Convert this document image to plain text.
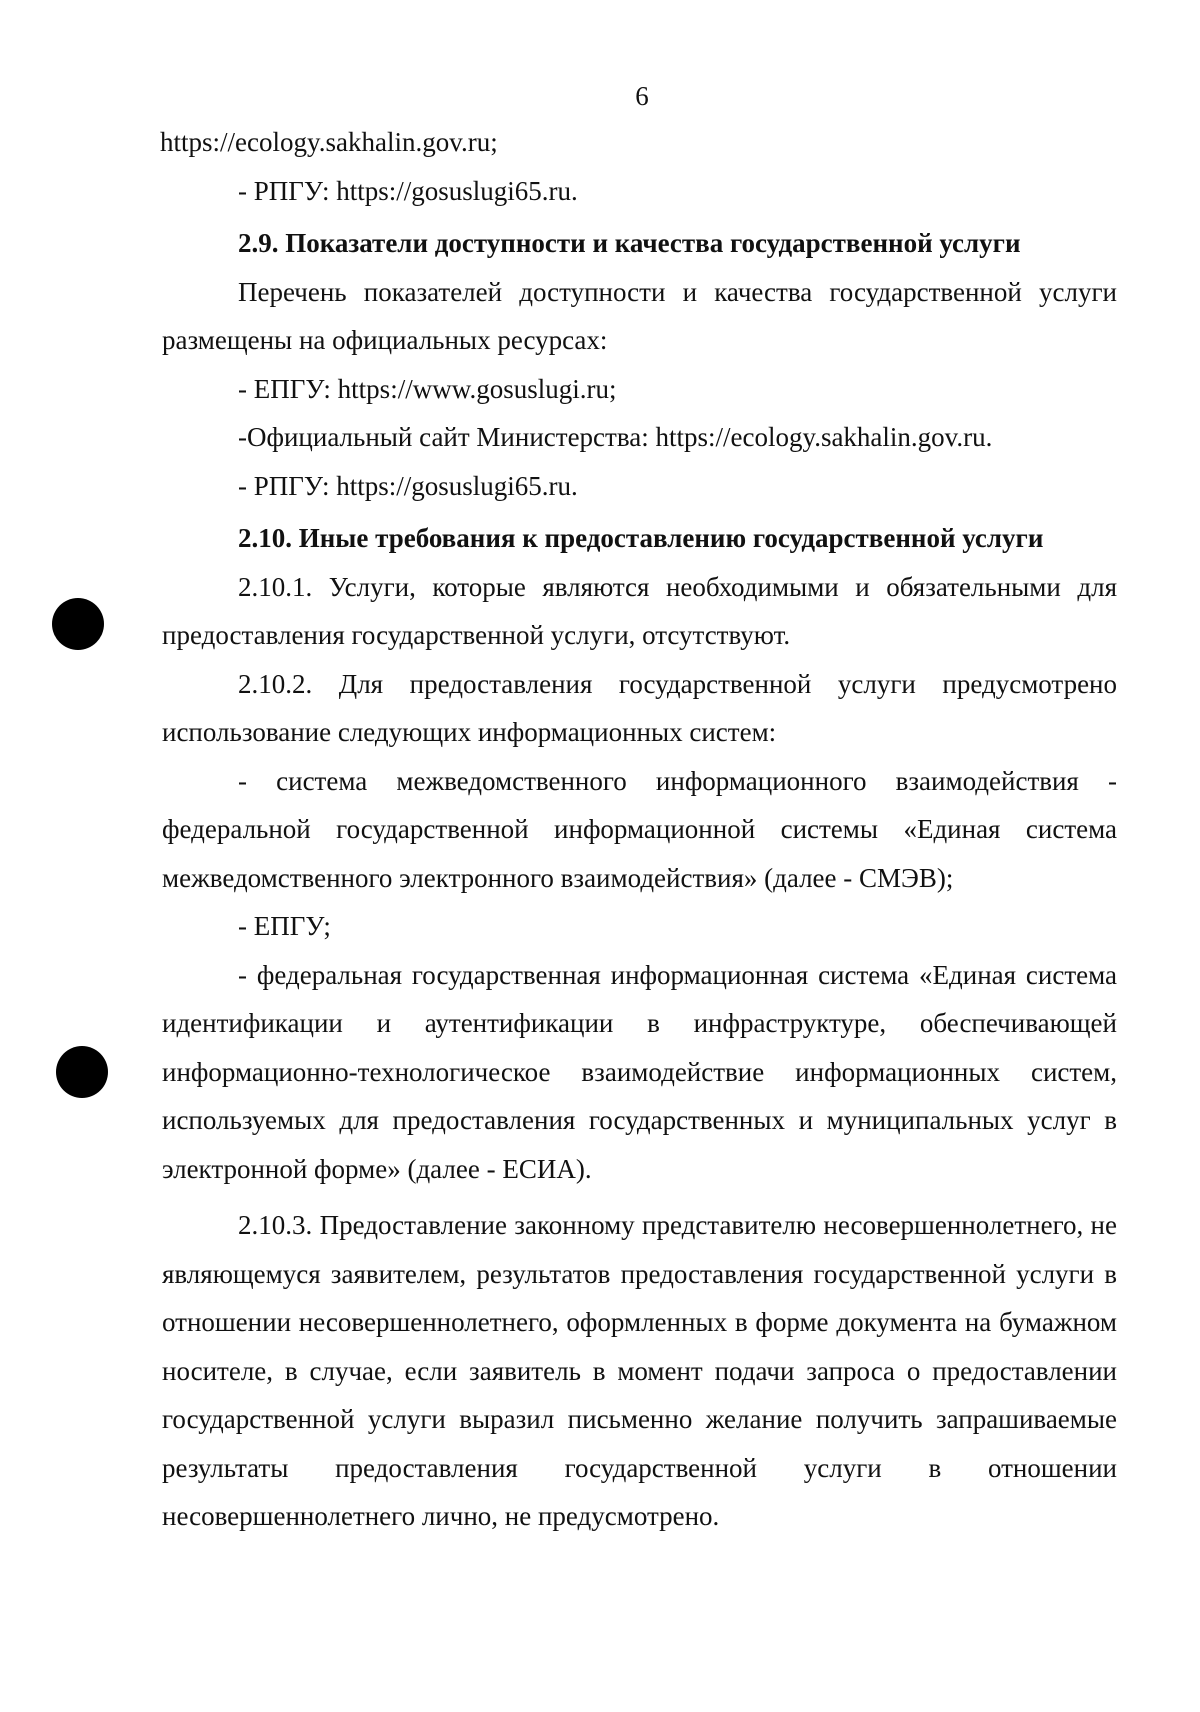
6

https://ecology.sakhalin.gov.ru;

- РПГУ: https://gosuslugi65.ru.

2.9. Показатели доступности и качества государственной услуги

Перечень показателей доступности и качества государственной услуги размещены на официальных ресурсах:

- ЕПГУ: https://www.gosuslugi.ru;

-Официальный сайт Министерства: https://ecology.sakhalin.gov.ru.

- РПГУ: https://gosuslugi65.ru.

2.10. Иные требования к предоставлению государственной услуги

2.10.1. Услуги, которые являются необходимыми и обязательными для предоставления государственной услуги, отсутствуют.

2.10.2. Для предоставления государственной услуги предусмотрено использование следующих информационных систем:

- система межведомственного информационного взаимодействия - федеральной государственной информационной системы «Единая система межведомственного электронного взаимодействия» (далее - СМЭВ);

- ЕПГУ;

- федеральная государственная информационная система «Единая система идентификации и аутентификации в инфраструктуре, обеспечивающей информационно-технологическое взаимодействие информационных систем, используемых для предоставления государственных и муниципальных услуг в электронной форме» (далее - ЕСИА).

2.10.3. Предоставление законному представителю несовершеннолетнего, не являющемуся заявителем, результатов предоставления государственной услуги в отношении несовершеннолетнего, оформленных в форме документа на бумажном носителе, в случае, если заявитель в момент подачи запроса о предоставлении государственной услуги выразил письменно желание получить запрашиваемые результаты предоставления государственной услуги в отношении несовершеннолетнего лично, не предусмотрено.
